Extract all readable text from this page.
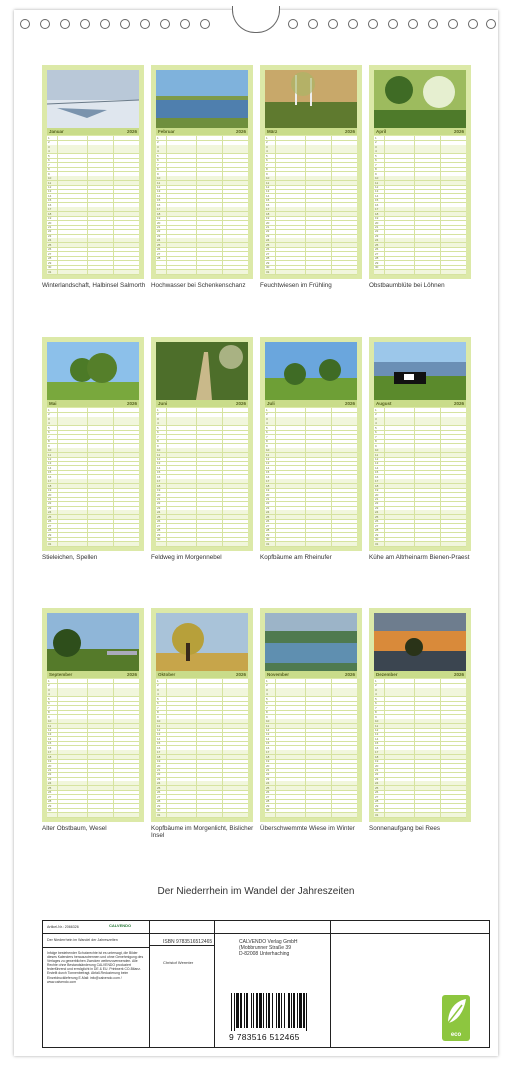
Januar	2026
1
2
3
4
5
6
7
8
9
10
11
12
13
14
15
16
17
18
19
20
21
22
23
24
25
26
27
28
29
30
31
Winterlandschaft, Halbinsel Salmorth
Februar	2026
1
2
3
4
5
6
7
8
9
10
11
12
13
14
15
16
17
18
19
20
21
22
23
24
25
26
27
28
Hochwasser bei Schenkenschanz
März	2026
1
2
3
4
5
6
7
8
9
10
11
12
13
14
15
16
17
18
19
20
21
22
23
24
25
26
27
28
29
30
31
Feuchtwiesen im Frühling
April	2026
1
2
3
4
5
6
7
8
9
10
11
12
13
14
15
16
17
18
19
20
21
22
23
24
25
26
27
28
29
30
Obstbaumblüte bei Löhnen
Mai	2026
1
2
3
4
5
6
7
8
9
10
11
12
13
14
15
16
17
18
19
20
21
22
23
24
25
26
27
28
29
30
31
Stieleichen, Spellen
Juni	2026
1
2
3
4
5
6
7
8
9
10
11
12
13
14
15
16
17
18
19
20
21
22
23
24
25
26
27
28
29
30
Feldweg im Morgennebel
Juli	2026
1
2
3
4
5
6
7
8
9
10
11
12
13
14
15
16
17
18
19
20
21
22
23
24
25
26
27
28
29
30
31
Kopfbäume am Rheinufer
August	2026
1
2
3
4
5
6
7
8
9
10
11
12
13
14
15
16
17
18
19
20
21
22
23
24
25
26
27
28
29
30
31
Kühe am Altrheinarm Bienen-Praest
September	2026
1
2
3
4
5
6
7
8
9
10
11
12
13
14
15
16
17
18
19
20
21
22
23
24
25
26
27
28
29
30
Alter Obstbaum, Wesel
Oktober	2026
1
2
3
4
5
6
7
8
9
10
11
12
13
14
15
16
17
18
19
20
21
22
23
24
25
26
27
28
29
30
31
Kopfbäume im Morgenlicht, Bislicher Insel
November	2026
1
2
3
4
5
6
7
8
9
10
11
12
13
14
15
16
17
18
19
20
21
22
23
24
25
26
27
28
29
30
Überschwemmte Wiese im Winter
Dezember	2026
1
2
3
4
5
6
7
8
9
10
11
12
13
14
15
16
17
18
19
20
21
22
23
24
25
26
27
28
29
30
31
Sonnenaufgang bei Rees
Der Niederrhein im Wandel der Jahreszeiten
Artikel-Nr.: 2066326	CALVENDO
Der Niederrhein im Wandel der Jahreszeiten
Infolge bestehender Schutzrechte ist es untersagt, die Bilder dieses Kalenders herauszutrennen und ohne Genehmigung des Verlages zu gewerblichen Zwecken weiterzuverwenden. Alle Rechte ohne Bestandsänderung CALVENDO produziert federführend und ermöglicht in DE & EU. Printwerk CO-Bilanz. Erstellt durch Tonnenbefragt. Abfall-Reduzierung beim Einzeldrucklieferung E-Mail: info@calvendo.com / www.calvendo.com
ISBN 9783516512465
Christof Wermter
CALVENDO Verlag GmbH
(Mobbrunner Straße 39
D-82008 Unterhaching
9 783516 512465	eco
